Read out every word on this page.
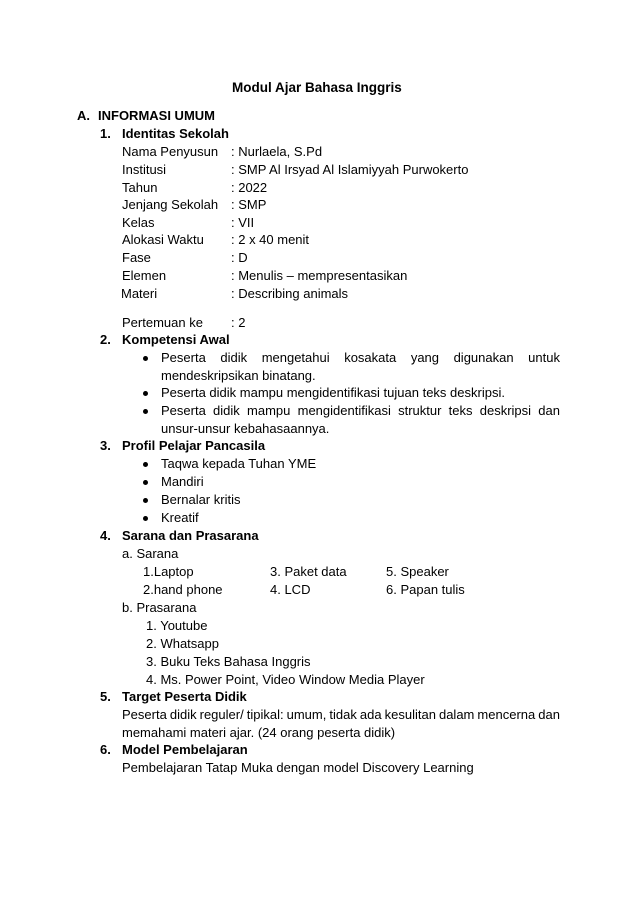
Modul Ajar Bahasa Inggris
A. INFORMASI UMUM
1. Identitas Sekolah
Nama Penyusun : Nurlaela, S.Pd
Institusi	: SMP Al Irsyad Al Islamiyyah Purwokerto
Tahun	: 2022
Jenjang Sekolah : SMP
Kelas	: VII
Alokasi Waktu : 2 x 40 menit
Fase	: D
Elemen	: Menulis – mempresentasikan
Materi	: Describing animals
Pertemuan ke : 2
2. Kompetensi Awal
Peserta didik mengetahui kosakata yang digunakan untuk
mendeskripsikan binatang.
Peserta didik mampu mengidentifikasi tujuan teks deskripsi.
Peserta didik mampu mengidentifikasi struktur teks deskripsi dan
unsur-unsur kebahasaannya.
3. Profil Pelajar Pancasila
Taqwa kepada Tuhan YME
Mandiri
Bernalar kritis
Kreatif
4. Sarana dan Prasarana
a. Sarana
1.Laptop	3. Paket data	5. Speaker
2.hand phone	4. LCD	6. Papan tulis
b. Prasarana
1. Youtube
2. Whatsapp
3. Buku Teks Bahasa Inggris
4. Ms. Power Point, Video Window Media Player
5. Target Peserta Didik
Peserta didik reguler/ tipikal: umum, tidak ada kesulitan dalam mencerna dan
memahami materi ajar. (24 orang peserta didik)
6. Model Pembelajaran
Pembelajaran Tatap Muka dengan model Discovery Learning
